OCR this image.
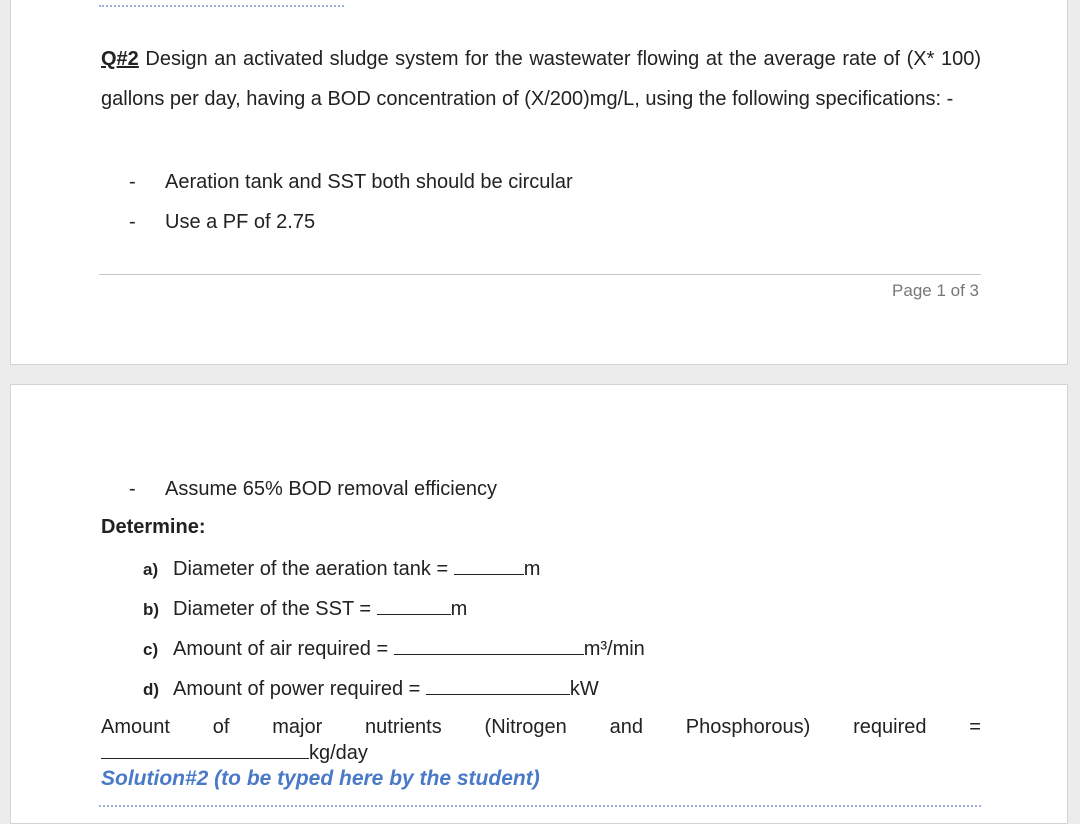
Q#2 Design an activated sludge system for the wastewater flowing at the average rate of (X* 100) gallons per day, having a BOD concentration of (X/200)mg/L, using the following specifications: -
- Aeration tank and SST both should be circular
- Use a PF of 2.75
Page 1 of 3
- Assume 65% BOD removal efficiency
Determine:
a) Diameter of the aeration tank =	m
b) Diameter of the SST =	m
c) Amount of air required =	m³/min
d) Amount of power required =	kW
Amount of major nutrients (Nitrogen and Phosphorous) required =
kg/day
Solution#2 (to be typed here by the student)
